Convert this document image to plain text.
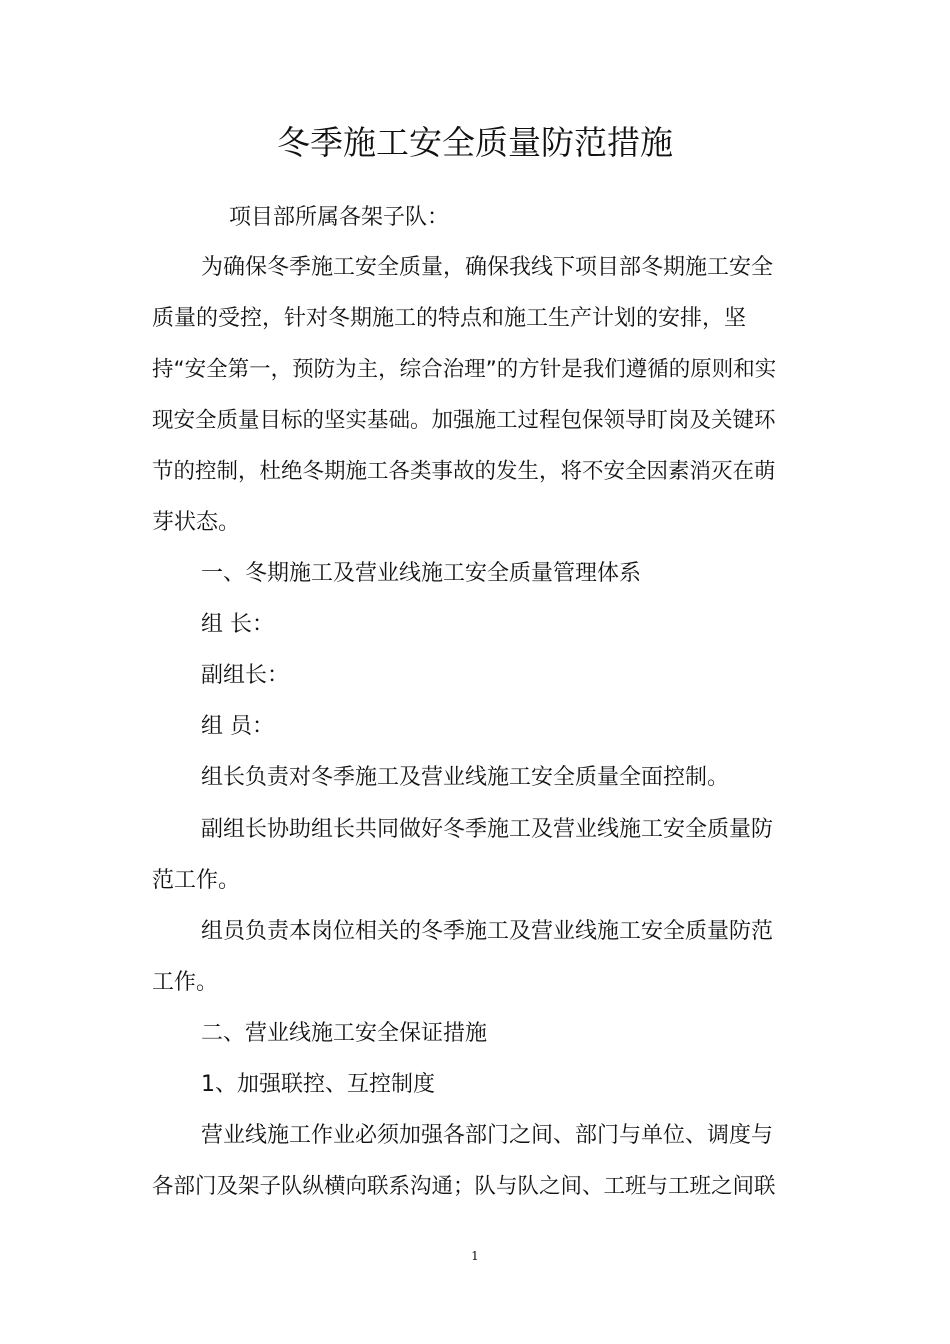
冬季施工安全质量防范措施
项目部所属各架子队：
为确保冬季施工安全质量，确保我线下项目部冬期施工安全
质量的受控，针对冬期施工的特点和施工生产计划的安排，坚
持“安全第一，预防为主，综合治理”的方针是我们遵循的原则和实
现安全质量目标的坚实基础。加强施工过程包保领导盯岗及关键环
节的控制，杜绝冬期施工各类事故的发生，将不安全因素消灭在萌
芽状态。
一、冬期施工及营业线施工安全质量管理体系
组 长：
副组长：
组 员：
组长负责对冬季施工及营业线施工安全质量全面控制。
副组长协助组长共同做好冬季施工及营业线施工安全质量防
范工作。
组员负责本岗位相关的冬季施工及营业线施工安全质量防范
工作。
二、营业线施工安全保证措施
1、加强联控、互控制度
营业线施工作业必须加强各部门之间、部门与单位、调度与
各部门及架子队纵横向联系沟通；队与队之间、工班与工班之间联
1
